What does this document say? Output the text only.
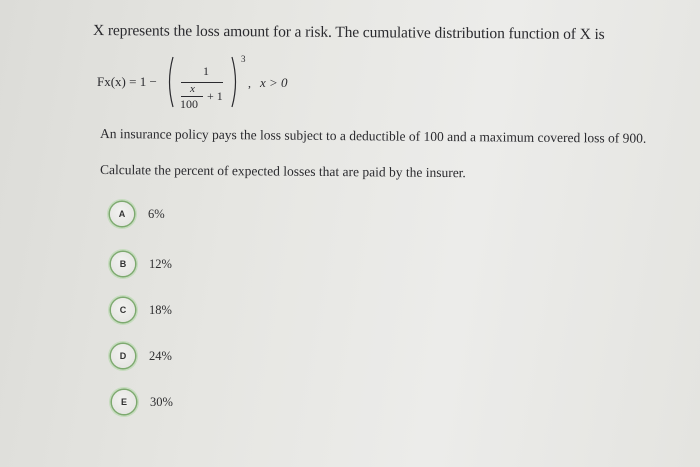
X represents the loss amount for a risk. The cumulative distribution function of X is
Fx(x) = 1 −
1
x
100
+ 1
3
, x > 0
An insurance policy pays the loss subject to a deductible of 100 and a maximum covered loss of 900.
Calculate the percent of expected losses that are paid by the insurer.
A	6%
B	12%
C	18%
D	24%
E	30%
